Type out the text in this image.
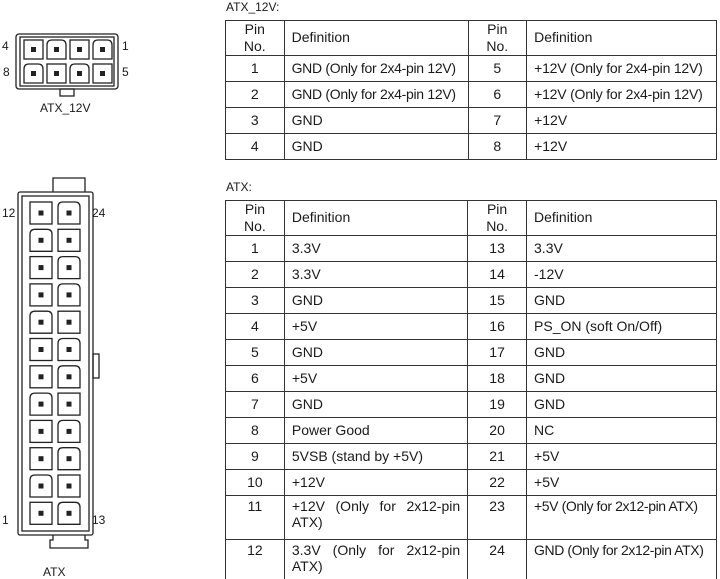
4
8
1
5
ATX_12V
ATX_12V:
Pin No.	Definition	Pin No.	Definition
1	GND (Only for 2x4-pin 12V)	5	+12V (Only for 2x4-pin 12V)
2	GND (Only for 2x4-pin 12V)	6	+12V (Only for 2x4-pin 12V)
3	GND	7	+12V
4	GND	8	+12V
12	24
1	13
ATX
ATX:
Pin No.	Definition	Pin No.	Definition
1	3.3V	13	3.3V
2	3.3V	14	-12V
3	GND	15	GND
4	+5V	16	PS_ON (soft On/Off)
5	GND	17	GND
6	+5V	18	GND
7	GND	19	GND
8	Power Good	20	NC
9	5VSB (stand by +5V)	21	+5V
10	+12V	22	+5V
11	+12V (Only for 2x12-pin ATX)	23	+5V (Only for 2x12-pin ATX)
12	3.3V (Only for 2x12-pin ATX)	24	GND (Only for 2x12-pin ATX)
